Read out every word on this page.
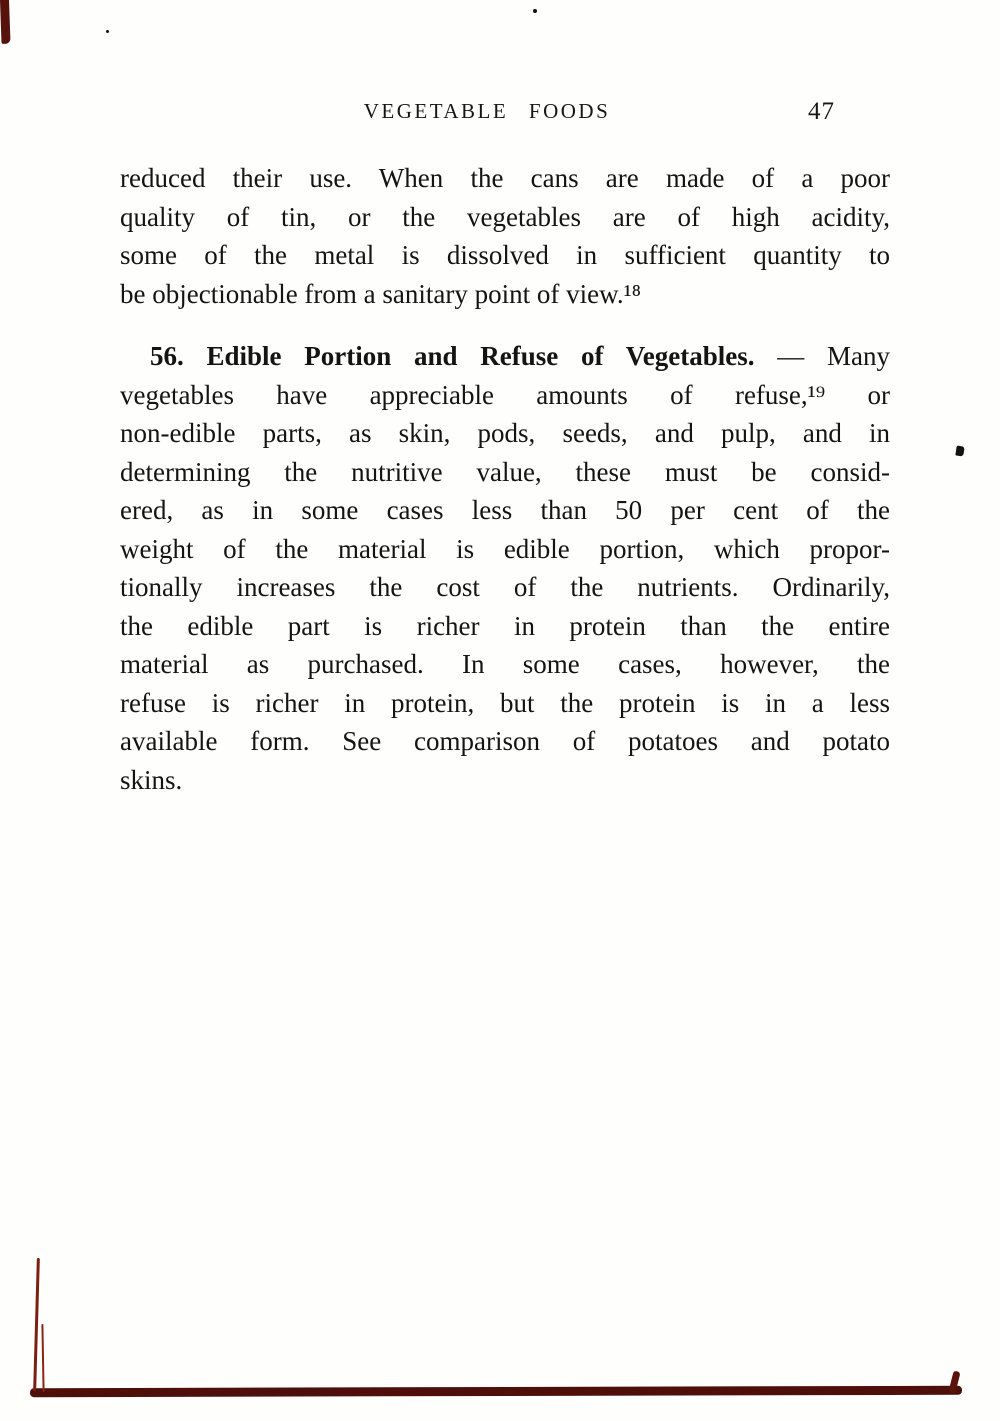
VEGETABLE FOODS	47
reduced their use. When the cans are made of a poor
quality of tin, or the vegetables are of high acidity,
some of the metal is dissolved in sufficient quantity to
be objectionable from a sanitary point of view.¹⁸
56. Edible Portion and Refuse of Vegetables. — Many
vegetables have appreciable amounts of refuse,¹⁹ or
non-edible parts, as skin, pods, seeds, and pulp, and in
determining the nutritive value, these must be consid-
ered, as in some cases less than 50 per cent of the
weight of the material is edible portion, which propor-
tionally increases the cost of the nutrients. Ordinarily,
the edible part is richer in protein than the entire
material as purchased. In some cases, however, the
refuse is richer in protein, but the protein is in a less
available form. See comparison of potatoes and potato
skins.
